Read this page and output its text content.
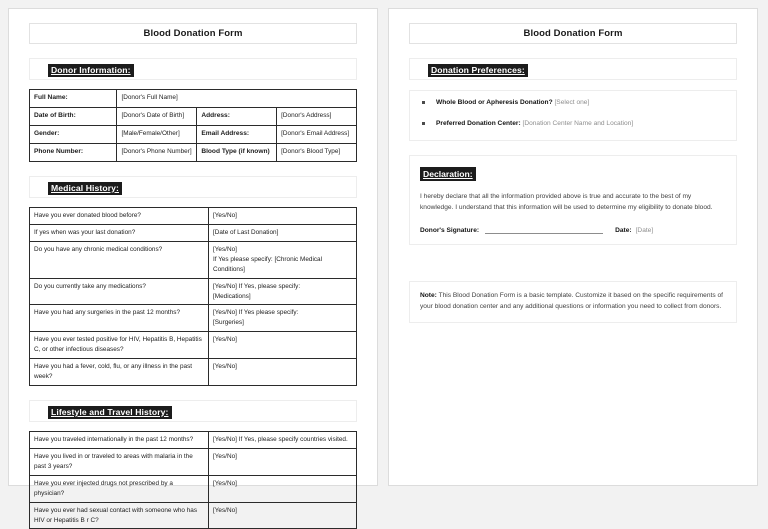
Blood Donation Form
Donor Information:
Full Name:	[Donor's Full Name]		
Date of Birth:	[Donor's Date of Birth]	Address:	[Donor's Address]
Gender:	[Male/Female/Other]	Email Address:	[Donor's Email Address]
Phone Number:	[Donor's Phone Number]	Blood Type (if known)	[Donor's Blood Type]
Medical History:
Have you ever donated blood before?	[Yes/No]

If yes when was your last donation?	[Date of Last Donation]

Do you have any chronic medical conditions?	[Yes/No]
If Yes please specify: [Chronic Medical Conditions]

Do you currently take any medications?	[Yes/No] If Yes, please specify:
[Medications]

Have you had any surgeries in the past 12 months?	[Yes/No] If Yes please specify:
[Surgeries]

Have you ever tested positive for HIV, Hepatitis B, Hepatitis C, or other infectious diseases?	[Yes/No]

Have you had a fever, cold, flu, or any illness in the past week?	[Yes/No]
Lifestyle and Travel History:
Have you traveled internationally in the past 12 months?	[Yes/No] If Yes, please specify countries visited.

Have you lived in or traveled to areas with malaria in the past 3 years?	[Yes/No]

Have you ever injected drugs not prescribed by a physician?	[Yes/No]

Have you ever had sexual contact with someone who has HIV or Hepatitis B r C?	[Yes/No]
Blood Donation Form
Donation Preferences:
Whole Blood or Apheresis Donation? [Select one]
Preferred Donation Center: [Donation Center Name and Location]
Declaration:
I hereby declare that all the information provided above is true and accurate to the best of my knowledge. I understand that this information will be used to determine my eligibility to donate blood.
Donor's Signature:	Date: [Date]
Note: This Blood Donation Form is a basic template. Customize it based on the specific requirements of your blood donation center and any additional questions or information you need to collect from donors.
